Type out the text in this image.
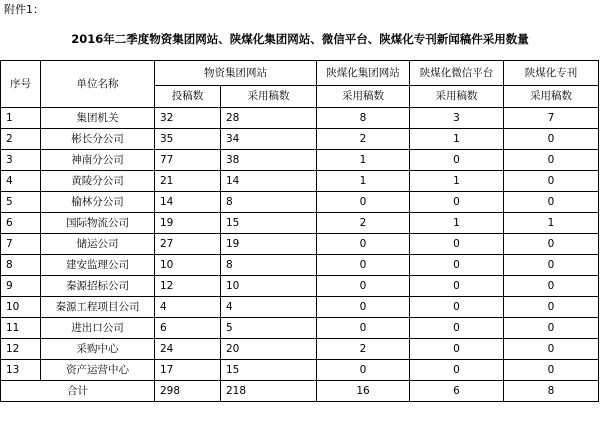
附件1：
2016年二季度物资集团网站、陕煤化集团网站、微信平台、陕煤化专刊新闻稿件采用数量
序号	单位名称	物资集团网站		陕煤化集团网站	陕煤化微信平台	陕煤化专刊
		投稿数	采用稿数	采用稿数	采用稿数	采用稿数
1	集团机关	32	28	8	3	7
2	彬长分公司	35	34	2	1	0
3	神南分公司	77	38	1	0	0
4	黄陵分公司	21	14	1	1	0
5	榆林分公司	14	8	0	0	0
6	国际物流公司	19	15	2	1	1
7	储运公司	27	19	0	0	0
8	建安监理公司	10	8	0	0	0
9	秦源招标公司	12	10	0	0	0
10	秦源工程项目公司	4	4	0	0	0
11	进出口公司	6	5	0	0	0
12	采购中心	24	20	2	0	0
13	资产运营中心	17	15	0	0	0
合计		298	218	16	6	8
